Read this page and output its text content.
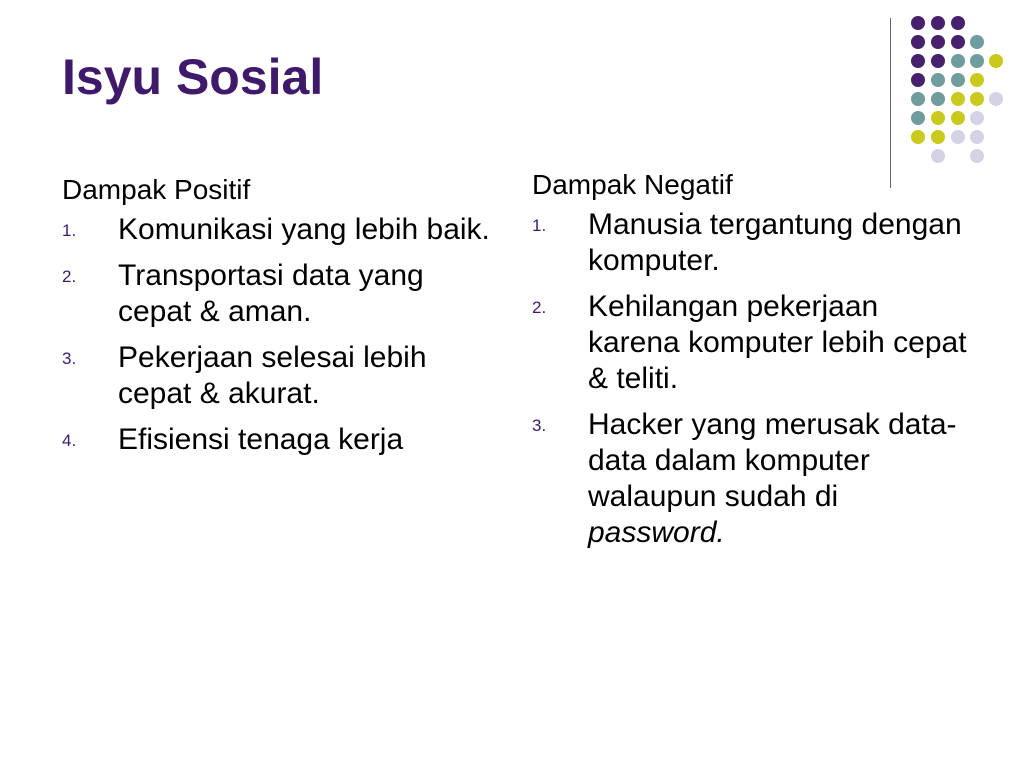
Isyu Sosial
Dampak Positif
1. Komunikasi yang lebih baik.
2. Transportasi data yang cepat & aman.
3. Pekerjaan selesai lebih cepat & akurat.
4. Efisiensi tenaga kerja
Dampak Negatif
1. Manusia tergantung dengan komputer.
2. Kehilangan pekerjaan karena komputer lebih cepat & teliti.
3. Hacker yang merusak data-data dalam komputer walaupun sudah di password.
